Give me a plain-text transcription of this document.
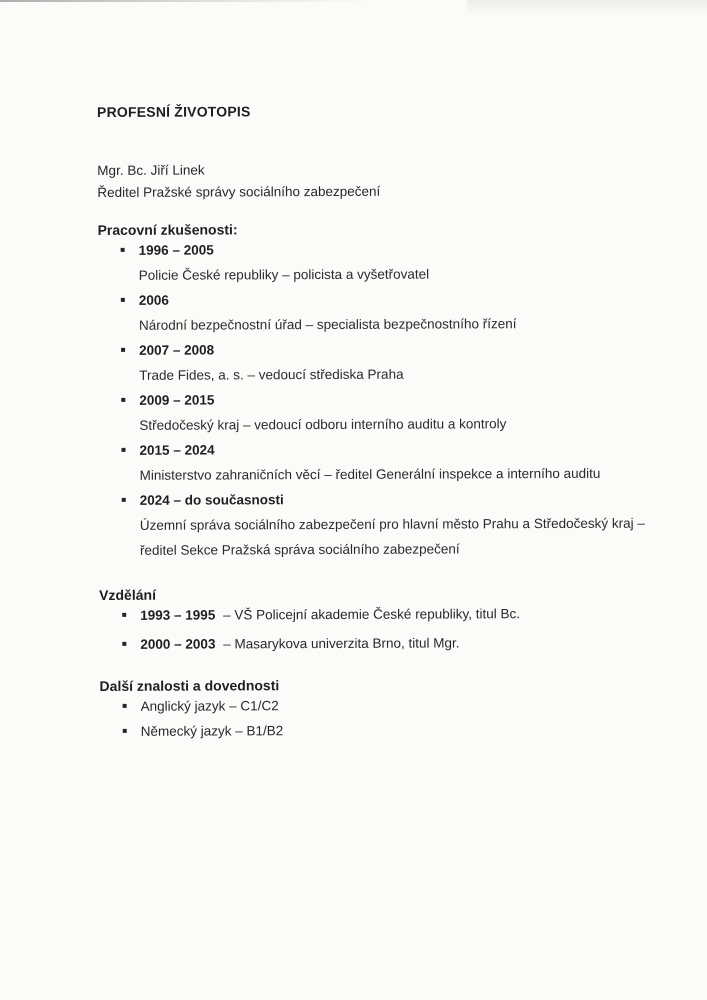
PROFESNÍ ŽIVOTOPIS
Mgr. Bc. Jiří Linek
Ředitel Pražské správy sociálního zabezpečení
Pracovní zkušenosti:
1996 – 2005
Policie České republiky – policista a vyšetřovatel
2006
Národní bezpečnostní úřad – specialista bezpečnostního řízení
2007 – 2008
Trade Fides, a. s. – vedoucí střediska Praha
2009 – 2015
Středočeský kraj – vedoucí odboru interního auditu a kontroly
2015 – 2024
Ministerstvo zahraničních věcí – ředitel Generální inspekce a interního auditu
2024 – do současnosti
Územní správa sociálního zabezpečení pro hlavní město Prahu a Středočeský kraj –
ředitel Sekce Pražská správa sociálního zabezpečení
Vzdělání
1993 – 1995 – VŠ Policejní akademie České republiky, titul Bc.
2000 – 2003 – Masarykova univerzita Brno, titul Mgr.
Další znalosti a dovednosti
Anglický jazyk – C1/C2
Německý jazyk – B1/B2
